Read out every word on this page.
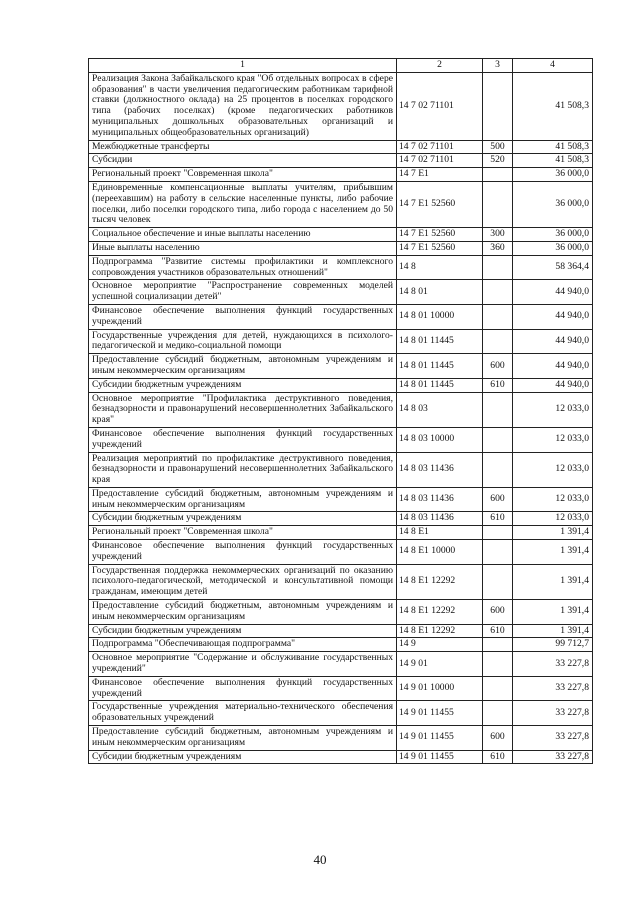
1	2	3	4
Реализация Закона Забайкальского края "Об отдельных вопросах в сфере образования" в части увеличения педагогическим работникам тарифной ставки (должностного оклада) на 25 процентов в поселках городского типа (рабочих поселках) (кроме педагогических работников муниципальных дошкольных образовательных организаций и муниципальных общеобразовательных организаций)	14 7 02 71101		41 508,3
Межбюджетные трансферты	14 7 02 71101	500	41 508,3
Субсидии	14 7 02 71101	520	41 508,3
Региональный проект "Современная школа"	14 7 E1		36 000,0
Единовременные компенсационные выплаты учителям, прибывшим (переехавшим) на работу в сельские населенные пункты, либо рабочие поселки, либо поселки городского типа, либо города с населением до 50 тысяч человек	14 7 E1 52560		36 000,0
Социальное обеспечение и иные выплаты населению	14 7 E1 52560	300	36 000,0
Иные выплаты населению	14 7 E1 52560	360	36 000,0
Подпрограмма "Развитие системы профилактики и комплексного сопровождения участников образовательных отношений"	14 8		58 364,4
Основное мероприятие "Распространение современных моделей успешной социализации детей"	14 8 01		44 940,0
Финансовое обеспечение выполнения функций государственных учреждений	14 8 01 10000		44 940,0
Государственные учреждения для детей, нуждающихся в психолого-педагогической и медико-социальной помощи	14 8 01 11445		44 940,0
Предоставление субсидий бюджетным, автономным учреждениям и иным некоммерческим организациям	14 8 01 11445	600	44 940,0
Субсидии бюджетным учреждениям	14 8 01 11445	610	44 940,0
Основное мероприятие "Профилактика деструктивного поведения, безнадзорности и правонарушений несовершеннолетних Забайкальского края"	14 8 03		12 033,0
Финансовое обеспечение выполнения функций государственных учреждений	14 8 03 10000		12 033,0
Реализация мероприятий по профилактике деструктивного поведения, безнадзорности и правонарушений несовершеннолетних Забайкальского края	14 8 03 11436		12 033,0
Предоставление субсидий бюджетным, автономным учреждениям и иным некоммерческим организациям	14 8 03 11436	600	12 033,0
Субсидии бюджетным учреждениям	14 8 03 11436	610	12 033,0
Региональный проект "Современная школа"	14 8 E1		1 391,4
Финансовое обеспечение выполнения функций государственных учреждений	14 8 E1 10000		1 391,4
Государственная поддержка некоммерческих организаций по оказанию психолого-педагогической, методической и консультативной помощи гражданам, имеющим детей	14 8 E1 12292		1 391,4
Предоставление субсидий бюджетным, автономным учреждениям и иным некоммерческим организациям	14 8 E1 12292	600	1 391,4
Субсидии бюджетным учреждениям	14 8 E1 12292	610	1 391,4
Подпрограмма "Обеспечивающая подпрограмма"	14 9		99 712,7
Основное мероприятие "Содержание и обслуживание государственных учреждений"	14 9 01		33 227,8
Финансовое обеспечение выполнения функций государственных учреждений	14 9 01 10000		33 227,8
Государственные учреждения материально-технического обеспечения образовательных учреждений	14 9 01 11455		33 227,8
Предоставление субсидий бюджетным, автономным учреждениям и иным некоммерческим организациям	14 9 01 11455	600	33 227,8
Субсидии бюджетным учреждениям	14 9 01 11455	610	33 227,8
40
